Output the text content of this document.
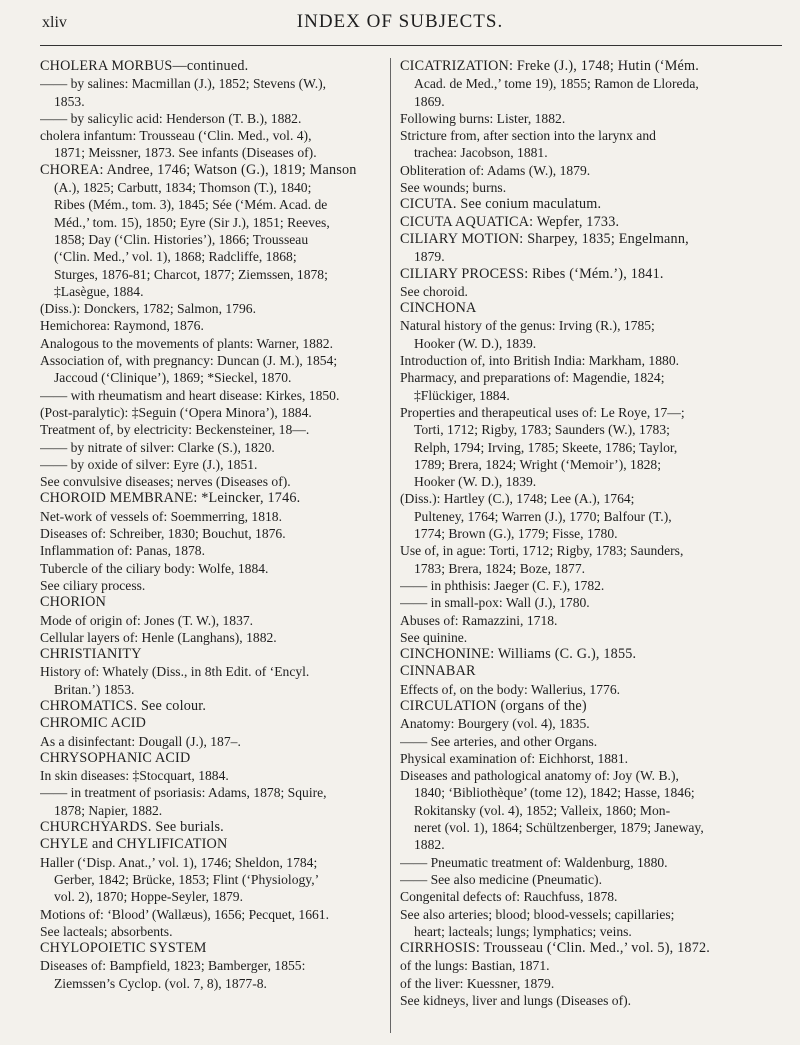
xliv	INDEX OF SUBJECTS.
CHOLERA MORBUS—continued.
—— by salines: Macmillan (J.), 1852; Stevens (W.),
1853.
—— by salicylic acid: Henderson (T. B.), 1882.
cholera infantum: Trousseau (‘Clin. Med., vol. 4),
1871; Meissner, 1873. See infants (Diseases of).
CHOREA: Andree, 1746; Watson (G.), 1819; Manson
(A.), 1825; Carbutt, 1834; Thomson (T.), 1840;
Ribes (Mém., tom. 3), 1845; Sée (‘Mém. Acad. de
Méd.,’ tom. 15), 1850; Eyre (Sir J.), 1851; Reeves,
1858; Day (‘Clin. Histories’), 1866; Trousseau
(‘Clin. Med.,’ vol. 1), 1868; Radcliffe, 1868;
Sturges, 1876-81; Charcot, 1877; Ziemssen, 1878;
‡Lasègue, 1884.
(Diss.): Donckers, 1782; Salmon, 1796.
Hemichorea: Raymond, 1876.
Analogous to the movements of plants: Warner, 1882.
Association of, with pregnancy: Duncan (J. M.), 1854;
Jaccoud (‘Clinique’), 1869; *Sieckel, 1870.
—— with rheumatism and heart disease: Kirkes, 1850.
(Post-paralytic): ‡Seguin (‘Opera Minora’), 1884.
Treatment of, by electricity: Beckensteiner, 18—.
—— by nitrate of silver: Clarke (S.), 1820.
—— by oxide of silver: Eyre (J.), 1851.
See convulsive diseases; nerves (Diseases of).
CHOROID MEMBRANE: *Leincker, 1746.
Net-work of vessels of: Soemmerring, 1818.
Diseases of: Schreiber, 1830; Bouchut, 1876.
Inflammation of: Panas, 1878.
Tubercle of the ciliary body: Wolfe, 1884.
See ciliary process.
CHORION
Mode of origin of: Jones (T. W.), 1837.
Cellular layers of: Henle (Langhans), 1882.
CHRISTIANITY
History of: Whately (Diss., in 8th Edit. of ‘Encyl.
Britan.’) 1853.
CHROMATICS. See colour.
CHROMIC ACID
As a disinfectant: Dougall (J.), 187–.
CHRYSOPHANIC ACID
In skin diseases: ‡Stocquart, 1884.
—— in treatment of psoriasis: Adams, 1878; Squire,
1878; Napier, 1882.
CHURCHYARDS. See burials.
CHYLE and CHYLIFICATION
Haller (‘Disp. Anat.,’ vol. 1), 1746; Sheldon, 1784;
Gerber, 1842; Brücke, 1853; Flint (‘Physiology,’
vol. 2), 1870; Hoppe-Seyler, 1879.
Motions of: ‘Blood’ (Wallæus), 1656; Pecquet, 1661.
See lacteals; absorbents.
CHYLOPOIETIC SYSTEM
Diseases of: Bampfield, 1823; Bamberger, 1855:
Ziemssen’s Cyclop. (vol. 7, 8), 1877-8.
CICATRIZATION: Freke (J.), 1748; Hutin (‘Mém.
Acad. de Med.,’ tome 19), 1855; Ramon de Lloreda,
1869.
Following burns: Lister, 1882.
Stricture from, after section into the larynx and
trachea: Jacobson, 1881.
Obliteration of: Adams (W.), 1879.
See wounds; burns.
CICUTA. See conium maculatum.
CICUTA AQUATICA: Wepfer, 1733.
CILIARY MOTION: Sharpey, 1835; Engelmann,
1879.
CILIARY PROCESS: Ribes (‘Mém.’), 1841.
See choroid.
CINCHONA
Natural history of the genus: Irving (R.), 1785;
Hooker (W. D.), 1839.
Introduction of, into British India: Markham, 1880.
Pharmacy, and preparations of: Magendie, 1824;
‡Flückiger, 1884.
Properties and therapeutical uses of: Le Roye, 17—;
Torti, 1712; Rigby, 1783; Saunders (W.), 1783;
Relph, 1794; Irving, 1785; Skeete, 1786; Taylor,
1789; Brera, 1824; Wright (‘Memoir’), 1828;
Hooker (W. D.), 1839.
(Diss.): Hartley (C.), 1748; Lee (A.), 1764;
Pulteney, 1764; Warren (J.), 1770; Balfour (T.),
1774; Brown (G.), 1779; Fisse, 1780.
Use of, in ague: Torti, 1712; Rigby, 1783; Saunders,
1783; Brera, 1824; Boze, 1877.
—— in phthisis: Jaeger (C. F.), 1782.
—— in small-pox: Wall (J.), 1780.
Abuses of: Ramazzini, 1718.
See quinine.
CINCHONINE: Williams (C. G.), 1855.
CINNABAR
Effects of, on the body: Wallerius, 1776.
CIRCULATION (organs of the)
Anatomy: Bourgery (vol. 4), 1835.
—— See arteries, and other Organs.
Physical examination of: Eichhorst, 1881.
Diseases and pathological anatomy of: Joy (W. B.),
1840; ‘Bibliothèque’ (tome 12), 1842; Hasse, 1846;
Rokitansky (vol. 4), 1852; Valleix, 1860; Mon-
neret (vol. 1), 1864; Schültzenberger, 1879; Janeway,
1882.
—— Pneumatic treatment of: Waldenburg, 1880.
—— See also medicine (Pneumatic).
Congenital defects of: Rauchfuss, 1878.
See also arteries; blood; blood-vessels; capillaries;
heart; lacteals; lungs; lymphatics; veins.
CIRRHOSIS: Trousseau (‘Clin. Med.,’ vol. 5), 1872.
of the lungs: Bastian, 1871.
of the liver: Kuessner, 1879.
See kidneys, liver and lungs (Diseases of).
